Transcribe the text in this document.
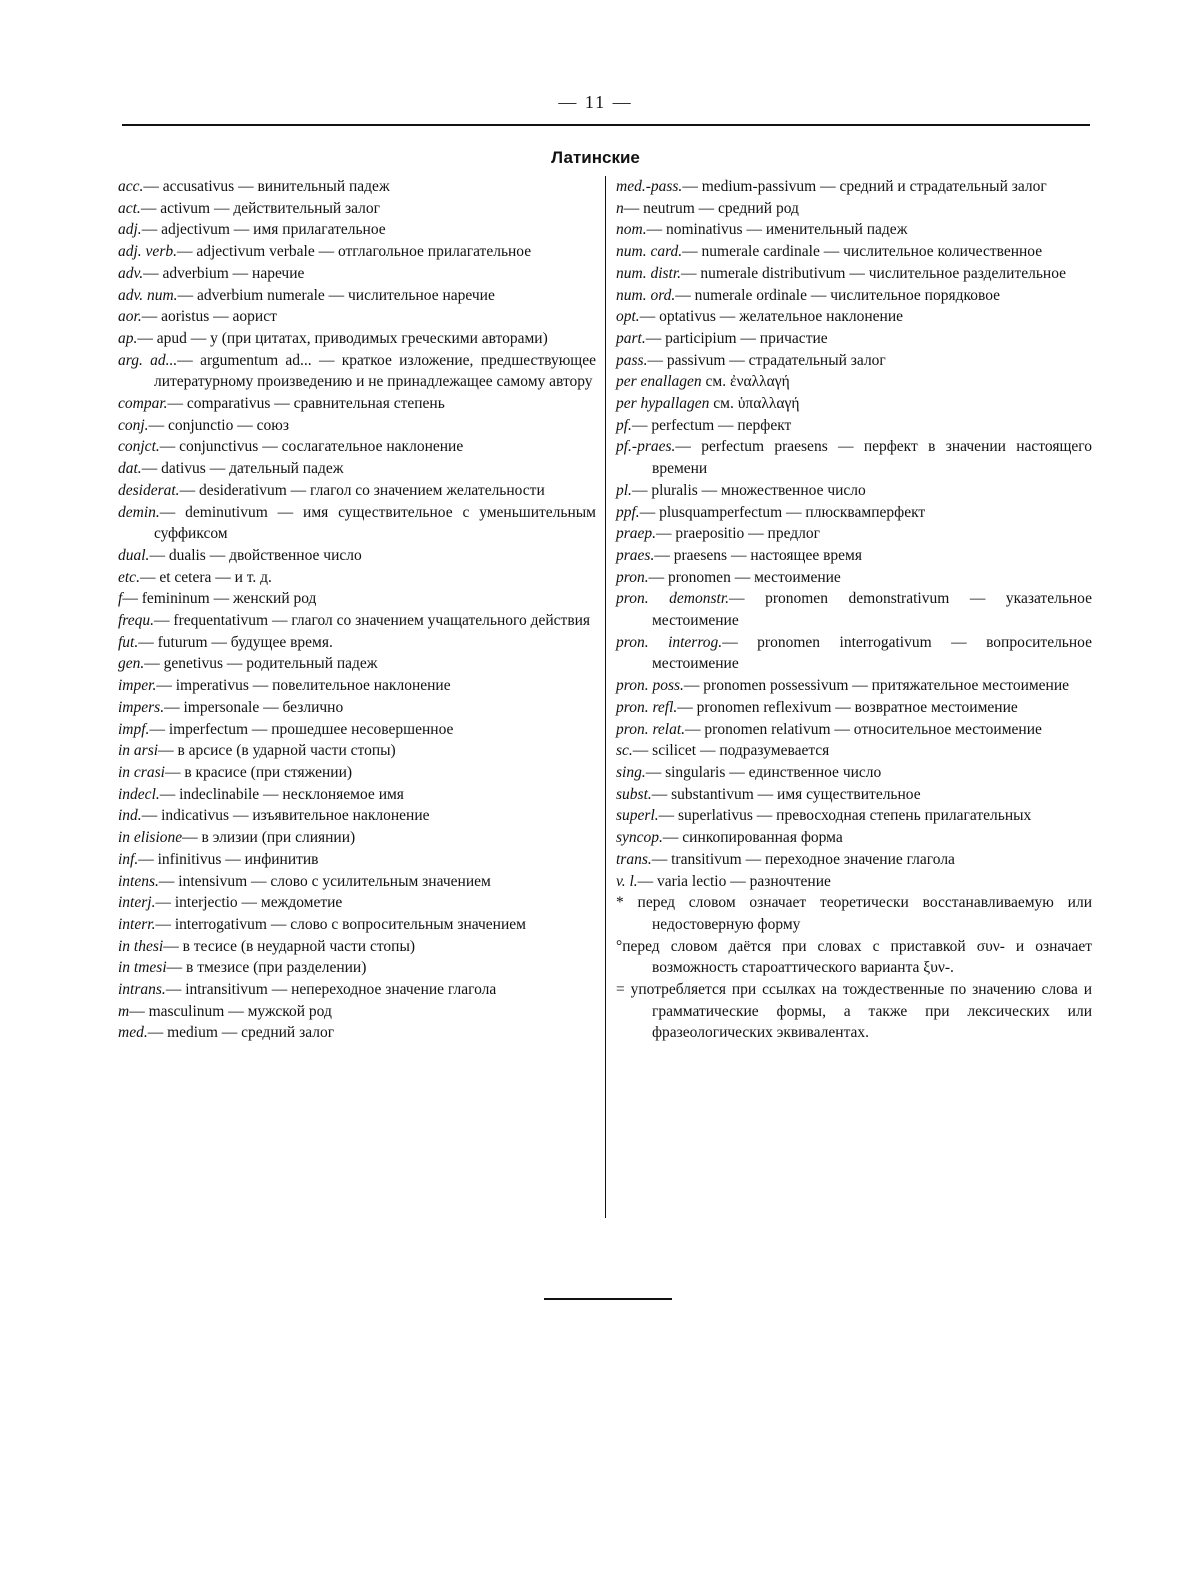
— 11 —
Латинские
acc.— accusativus — винительный падеж
act.— activum — действительный залог
adj.— adjectivum — имя прилагательное
adj. verb.— adjectivum verbale — отглагольное прилагательное
adv.— adverbium — наречие
adv. num.— adverbium numerale — числительное наречие
aor.— aoristus — аорист
ap.— apud — у (при цитатах, приводимых греческими авторами)
arg. ad...— argumentum ad... — краткое изложение, предшествующее литературному произведению и не принадлежащее самому автору
compar.— comparativus — сравнительная степень
conj.— conjunctio — союз
conjct.— conjunctivus — сослагательное наклонение
dat.— dativus — дательный падеж
desiderat.— desiderativum — глагол со значением желательности
demin.— deminutivum — имя существительное с уменьшительным суффиксом
dual.— dualis — двойственное число
etc.— et cetera — и т. д.
f— femininum — женский род
frequ.— frequentativum — глагол со значением учащательного действия
fut.— futurum — будущее время.
gen.— genetivus — родительный падеж
imper.— imperativus — повелительное наклонение
impers.— impersonale — безлично
impf.— imperfectum — прошедшее несовершенное
in arsi— в арсисе (в ударной части стопы)
in crasi— в красисе (при стяжении)
indecl.— indeclinabile — несклоняемое имя
ind.— indicativus — изъявительное наклонение
in elisione— в элизии (при слиянии)
inf.— infinitivus — инфинитив
intens.— intensivum — слово с усилительным значением
interj.— interjectio — междометие
interr.— interrogativum — слово с вопросительным значением
in thesi— в тесисе (в неударной части стопы)
in tmesi— в тмезисе (при разделении)
intrans.— intransitivum — непереходное значение глагола
m— masculinum — мужской род
med.— medium — средний залог
med.-pass.— medium-passivum — средний и страдательный залог
n— neutrum — средний род
nom.— nominativus — именительный падеж
num. card.— numerale cardinale — числительное количественное
num. distr.— numerale distributivum — числительное разделительное
num. ord.— numerale ordinale — числительное порядковое
opt.— optativus — желательное наклонение
part.— participium — причастие
pass.— passivum — страдательный залог
per enallagen см. ἐναλλαγή
per hypallagen см. ὑπαλλαγή
pf.— perfectum — перфект
pf.-praes.— perfectum praesens — перфект в значении настоящего времени
pl.— pluralis — множественное число
ppf.— plusquamperfectum — плюсквамперфект
praep.— praepositio — предлог
praes.— praesens — настоящее время
pron.— pronomen — местоимение
pron. demonstr.— pronomen demonstrativum — указательное местоимение
pron. interrog.— pronomen interrogativum — вопросительное местоимение
pron. poss.— pronomen possessivum — притяжательное местоимение
pron. refl.— pronomen reflexivum — возвратное местоимение
pron. relat.— pronomen relativum — относительное местоимение
sc.— scilicet — подразумевается
sing.— singularis — единственное число
subst.— substantivum — имя существительное
superl.— superlativus — превосходная степень прилагательных
syncop.— синкопированная форма
trans.— transitivum — переходное значение глагола
v. l.— varia lectio — разночтение
* перед словом означает теоретически восстанавливаемую или недостоверную форму
°перед словом даётся при словах с приставкой συν- и означает возможность староаттического варианта ξυν-.
= употребляется при ссылках на тождественные по значению слова и грамматические формы, а также при лексических или фразеологических эквивалентах.
